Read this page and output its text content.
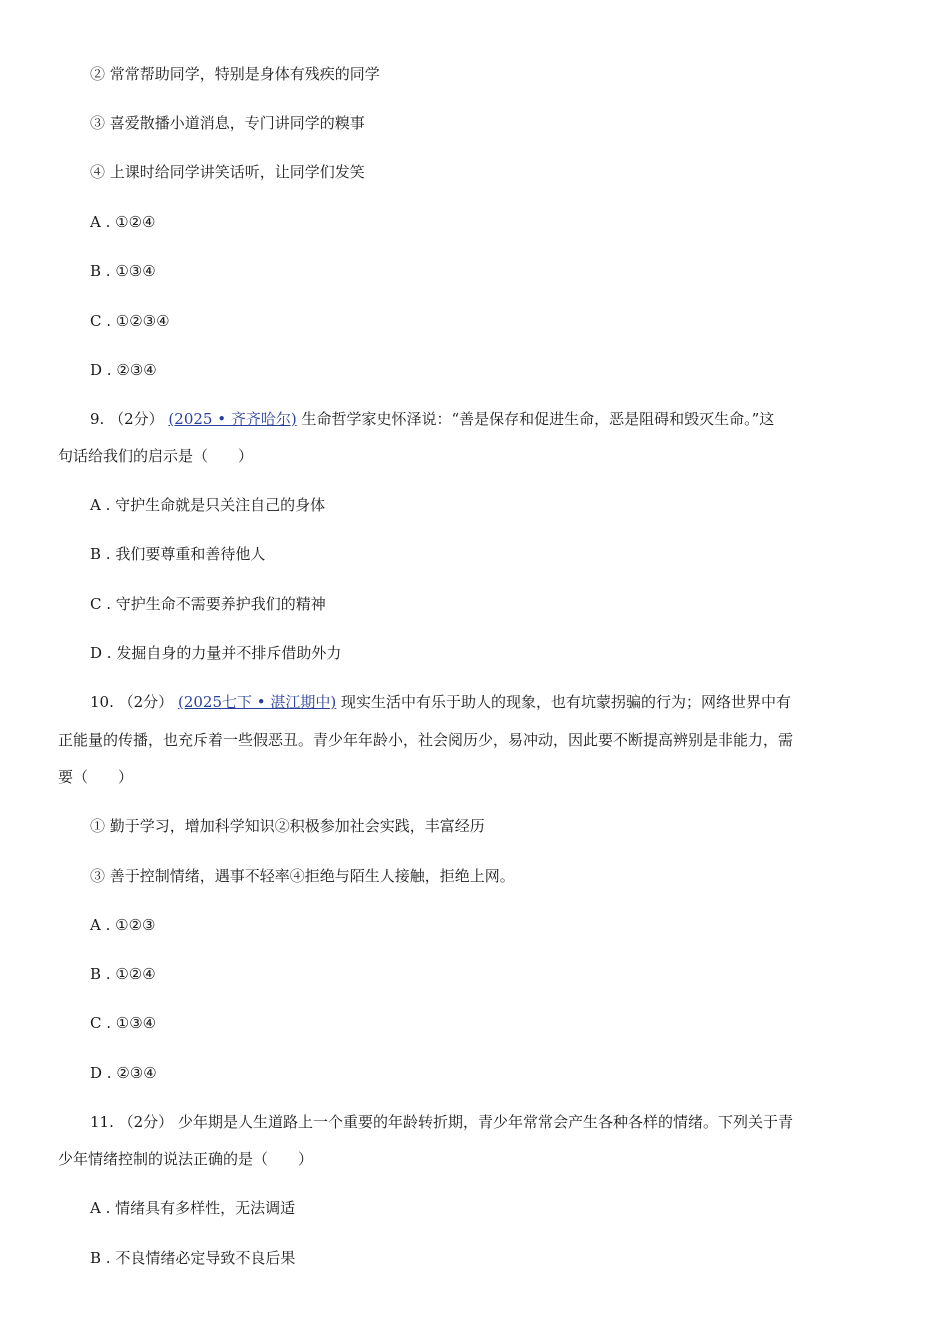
② 常常帮助同学，特别是身体有残疾的同学
③ 喜爱散播小道消息，专门讲同学的糗事
④ 上课时给同学讲笑话听，让同学们发笑
A . ①②④
B . ①③④
C . ①②③④
D . ②③④
9. （2分） (2025 • 齐齐哈尔) 生命哲学家史怀泽说：“善是保存和促进生命，恶是阻碍和毁灭生命。”这
句话给我们的启示是（　　）
A . 守护生命就是只关注自己的身体
B . 我们要尊重和善待他人
C . 守护生命不需要养护我们的精神
D . 发掘自身的力量并不排斥借助外力
10. （2分） (2025七下 • 湛江期中) 现实生活中有乐于助人的现象，也有坑蒙拐骗的行为；网络世界中有
正能量的传播，也充斥着一些假恶丑。青少年年龄小，社会阅历少，易冲动，因此要不断提高辨别是非能力，需
要（　　）
① 勤于学习，增加科学知识②积极参加社会实践，丰富经历
③ 善于控制情绪，遇事不轻率④拒绝与陌生人接触，拒绝上网。
A . ①②③
B . ①②④
C . ①③④
D . ②③④
11. （2分） 少年期是人生道路上一个重要的年龄转折期，青少年常常会产生各种各样的情绪。下列关于青
少年情绪控制的说法正确的是（　　）
A . 情绪具有多样性，无法调适
B . 不良情绪必定导致不良后果
